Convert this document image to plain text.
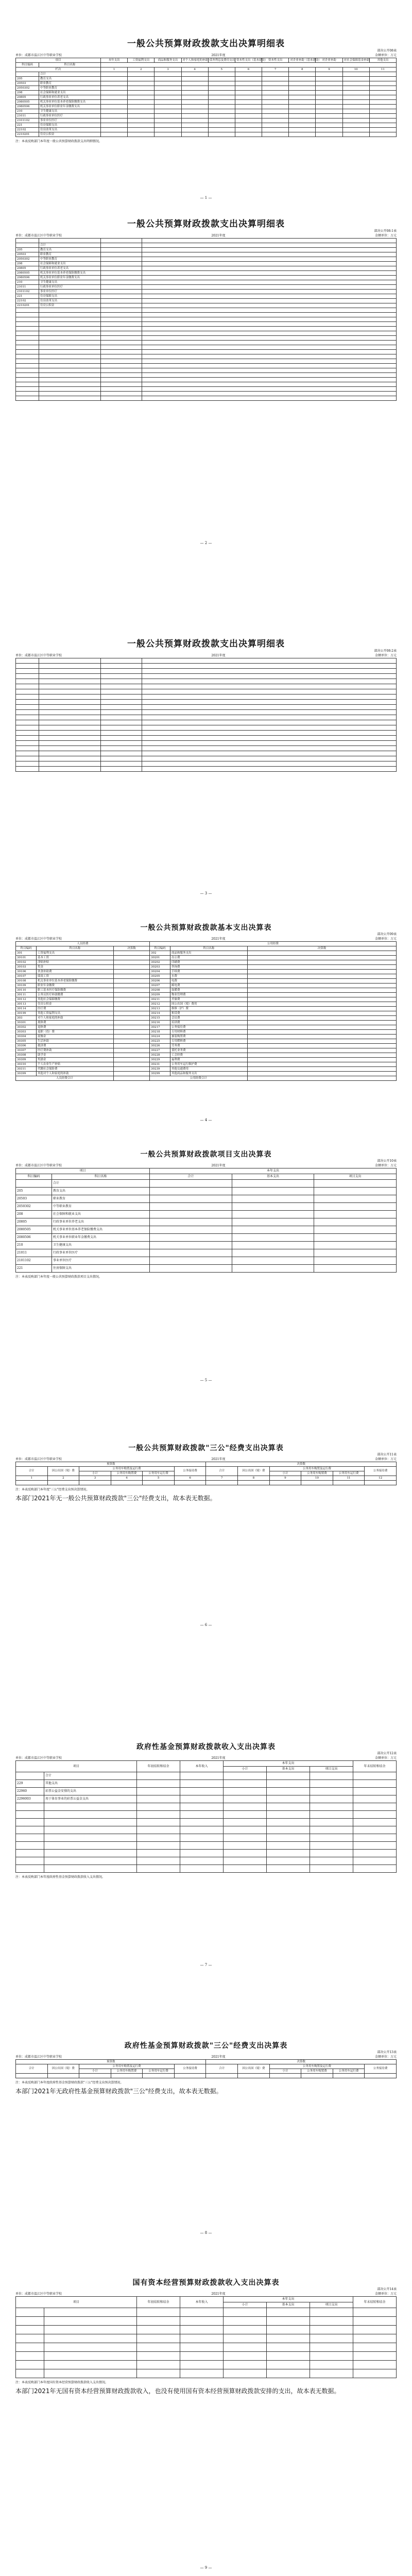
一般公共预算财政拨款支出决算明细表
部决公开08表
单位：成都市温江区中等职业学校	2021年度	金额单位：万元
项目		本年支出	工资福利支出	商品和服务支出	对个人和家庭的补助	债务利息及费用支出	资本性支出（基本建设）	资本性支出	对企业补助（基本建设）	对企业补助	对社会保障基金补助	其他支出
科目编码	科目名称											
栏次		1	2	3	4	5	6	7	8	9	10	11
	合计											
205	教育支出											
20503	职业教育											
2050302	中等职业教育											
208	社会保障和就业支出											
20805	行政事业单位养老支出											
2080505	机关事业单位基本养老保险缴费支出											
2080506	机关事业单位职业年金缴费支出											
210	卫生健康支出											
21011	行政事业单位医疗											
2101102	事业单位医疗											
221	住房保障支出											
22102	住房改革支出											
2210201	住房公积金											
注：本表反映部门本年度一般公共预算财政拨款支出明细情况。
— 1 —
一般公共预算财政拨款支出决算明细表
部决公开08-1表
单位：成都市温江区中等职业学校	2021年度	金额单位：万元

	合计		
205	教育支出		
20503	职业教育		
2050302	中等职业教育		
208	社会保障和就业支出		
20805	行政事业单位养老支出		
2080505	机关事业单位基本养老保险缴费支出		
2080506	机关事业单位职业年金缴费支出		
210	卫生健康支出		
21011	行政事业单位医疗		
2101102	事业单位医疗		
221	住房保障支出		
22102	住房改革支出		
2210201	住房公积金		

— 2 —
一般公共预算财政拨款支出决算明细表
部决公开08-2表
单位：成都市温江区中等职业学校	2021年度	金额单位：万元

— 3 —
一般公共预算财政拨款基本支出决算表
部决公开09表
单位：成都市温江区中等职业学校	2021年度	金额单位：万元
人员经费			公用经费		
科目编码	科目名称	决算数	科目编码	科目名称	决算数
301	工资福利支出		302	商品和服务支出	
30101	基本工资		30201	办公费	
30102	津贴补贴		30202	印刷费	
30103	奖金		30203	咨询费	
30106	伙食补助费		30204	手续费	
30107	绩效工资		30205	水费	
30108	机关事业单位基本养老保险缴费		30206	电费	
30109	职业年金缴费		30207	邮电费	
30110	职工基本医疗保险缴费		30208	取暖费	
30111	公务员医疗补助缴费		30209	物业管理费	
30112	其他社会保障缴费		30211	差旅费	
30113	住房公积金		30212	因公出国（境）费用	
30114	医疗费		30213	维修（护）费	
30199	其他工资福利支出		30214	租赁费	
303	对个人和家庭的补助		30215	会议费	
30301	离休费		30216	培训费	
30302	退休费		30217	公务接待费	
30303	退职（役）费		30218	专用材料费	
30304	抚恤金		30224	被装购置费	
30305	生活补助		30225	专用燃料费	
30306	救济费		30226	劳务费	
30307	医疗费补助		30227	委托业务费	
30308	助学金		30228	工会经费	
30309	奖励金		30229	福利费	
30310	个人农业生产补贴		30231	公务用车运行维护费	
30311	代缴社会保险费		30239	其他交通费用	
30399	其他对个人和家庭的补助		30299	其他商品和服务支出	
人员经费合计			公用经费合计		
— 4 —
一般公共预算财政拨款项目支出决算表
部决公开10表
单位：成都市温江区中等职业学校	2021年度	金额单位：万元
项目		本年支出		
科目编码	科目名称	合计	基本支出	项目支出
	合计			
205	教育支出			
20503	职业教育			
2050302	中等职业教育			
208	社会保障和就业支出			
20805	行政事业单位养老支出			
2080505	机关事业单位基本养老保险缴费支出			
2080506	机关事业单位职业年金缴费支出			
210	卫生健康支出			
21011	行政事业单位医疗			
2101102	事业单位医疗			
221	住房保障支出			
注：本表反映部门本年度一般公共预算财政拨款项目支出情况。
— 5 —
一般公共预算财政拨款"三公"经费支出决算表
部决公开11表
单位：成都市温江区中等职业学校	2021年度	金额单位：万元
预算数						决算数					
合计	因公出国（境）费	公务用车购置及运行费			公务接待费	合计	因公出国（境）费	公务用车购置及运行费			公务接待费
		小计	公务用车购置费	公务用车运行费				小计	公务用车购置费	公务用车运行费	
1	2	3	4	5	6	7	8	9	10	11	12

注：本表反映部门本年度"三公"经费支出预决算情况。
本部门2021年无一般公共预算财政拨款"三公"经费支出，故本表无数据。
— 6 —
政府性基金预算财政拨款收入支出决算表
部决公开12表
单位：成都市温江区中等职业学校	2021年度	金额单位：万元
项目		年初结转和结余	本年收入	本年支出			年末结转和结余
				小计	基本支出	项目支出	
	合计						
229	其他支出						
22960	彩票公益金安排的支出						
2296003	用于体育事业的彩票公益金支出						

注：本表反映部门本年度政府性基金预算财政拨款收入支出情况。
— 7 —
政府性基金预算财政拨款"三公"经费支出决算表
部决公开13表
单位：成都市温江区中等职业学校	2021年度	金额单位：万元
预算数						决算数					
合计	因公出国（境）费	公务用车购置及运行费			公务接待费	合计	因公出国（境）费	公务用车购置及运行费			公务接待费
		小计	公务用车购置费	公务用车运行费				小计	公务用车购置费	公务用车运行费	

注：本表反映部门本年度政府性基金预算财政拨款"三公"经费支出预决算情况。
本部门2021年无政府性基金预算财政拨款"三公"经费支出，故本表无数据。
— 8 —
国有资本经营预算财政拨款收入支出决算表
部决公开14表
单位：成都市温江区中等职业学校	2021年度	金额单位：万元
项目		年初结转和结余	本年收入	本年支出			年末结转和结余
				小计	基本支出	项目支出	

注：本表反映部门本年度国有资本经营预算财政拨款收入支出情况。
本部门2021年无国有资本经营预算财政拨款收入，也没有使用国有资本经营预算财政拨款安排的支出，故本表无数据。
— 9 —
